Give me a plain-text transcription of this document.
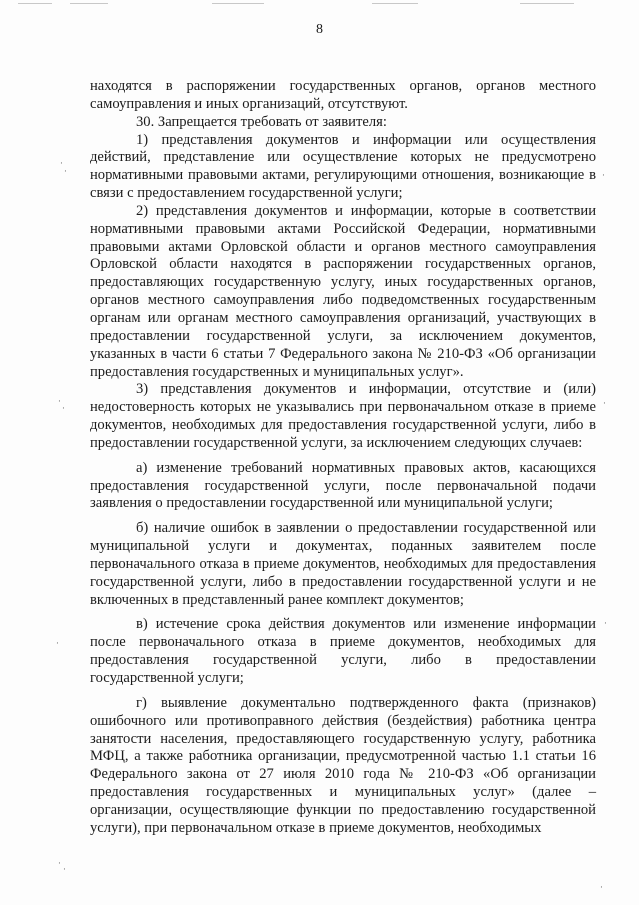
8

находятся в распоряжении государственных органов, органов местного самоуправления и иных организаций, отсутствуют.

30. Запрещается требовать от заявителя:

1) представления документов и информации или осуществления действий, представление или осуществление которых не предусмотрено нормативными правовыми актами, регулирующими отношения, возникающие в связи с предоставлением государственной услуги;

2) представления документов и информации, которые в соответствии нормативными правовыми актами Российской Федерации, нормативными правовыми актами Орловской области и органов местного самоуправления Орловской области находятся в распоряжении государственных органов, предоставляющих государственную услугу, иных государственных органов, органов местного самоуправления либо подведомственных государственным органам или органам местного самоуправления организаций, участвующих в предоставлении государственной услуги, за исключением документов, указанных в части 6 статьи 7 Федерального закона № 210-ФЗ «Об организации предоставления государственных и муниципальных услуг».

3) представления документов и информации, отсутствие и (или) недостоверность которых не указывались при первоначальном отказе в приеме документов, необходимых для предоставления государственной услуги, либо в предоставлении государственной услуги, за исключением следующих случаев:

а) изменение требований нормативных правовых актов, касающихся предоставления государственной услуги, после первоначальной подачи заявления о предоставлении государственной или муниципальной услуги;

б) наличие ошибок в заявлении о предоставлении государственной или муниципальной услуги и документах, поданных заявителем после первоначального отказа в приеме документов, необходимых для предоставления государственной услуги, либо в предоставлении государственной услуги и не включенных в представленный ранее комплект документов;

в) истечение срока действия документов или изменение информации после первоначального отказа в приеме документов, необходимых для предоставления государственной услуги, либо в предоставлении государственной услуги;

г) выявление документально подтвержденного факта (признаков) ошибочного или противоправного действия (бездействия) работника центра занятости населения, предоставляющего государственную услугу, работника МФЦ, а также работника организации, предусмотренной частью 1.1 статьи 16 Федерального закона от 27 июля 2010 года № 210-ФЗ «Об организации предоставления государственных и муниципальных услуг» (далее – организации, осуществляющие функции по предоставлению государственной услуги), при первоначальном отказе в приеме документов, необходимых

·
·
·
·
·
·
·
·
·
·
·
